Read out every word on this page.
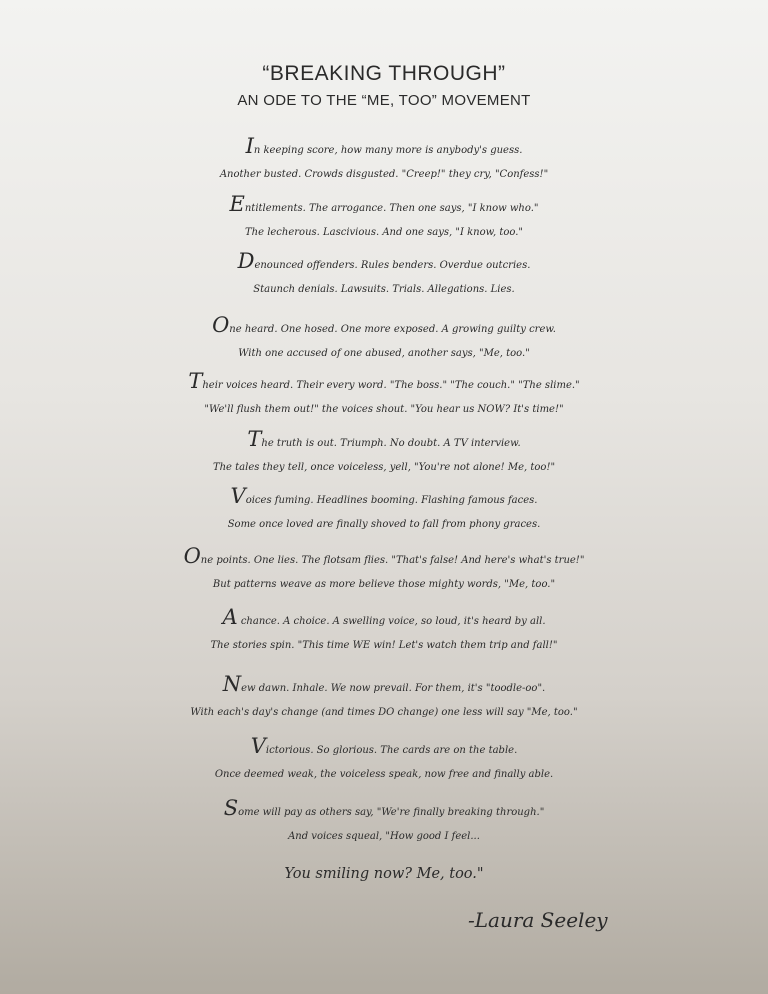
“BREAKING THROUGH”
AN ODE TO THE “ME, TOO” MOVEMENT
In keeping score, how many more is anybody's guess.
Another busted. Crowds disgusted. "Creep!" they cry, "Confess!"
Entitlements. The arrogance. Then one says, "I know who."
The lecherous. Lascivious. And one says, "I know, too."
Denounced offenders. Rules benders. Overdue outcries.
Staunch denials. Lawsuits. Trials. Allegations. Lies.
One heard. One hosed. One more exposed. A growing guilty crew.
With one accused of one abused, another says, "Me, too."
Their voices heard. Their every word. "The boss." "The couch." "The slime."
"We'll flush them out!" the voices shout. "You hear us NOW? It's time!"
The truth is out. Triumph. No doubt. A TV interview.
The tales they tell, once voiceless, yell, "You're not alone! Me, too!"
Voices fuming. Headlines booming. Flashing famous faces.
Some once loved are finally shoved to fall from phony graces.
One points. One lies. The flotsam flies. "That's false! And here's what's true!"
But patterns weave as more believe those mighty words, "Me, too."
A chance. A choice. A swelling voice, so loud, it's heard by all.
The stories spin. "This time WE win! Let's watch them trip and fall!"
New dawn. Inhale. We now prevail. For them, it's "toodle-oo".
With each's day's change (and times DO change) one less will say "Me, too."
Victorious. So glorious. The cards are on the table.
Once deemed weak, the voiceless speak, now free and finally able.
Some will pay as others say, "We're finally breaking through."
And voices squeal, "How good I feel...
You smiling now? Me, too."
-Laura Seeley
